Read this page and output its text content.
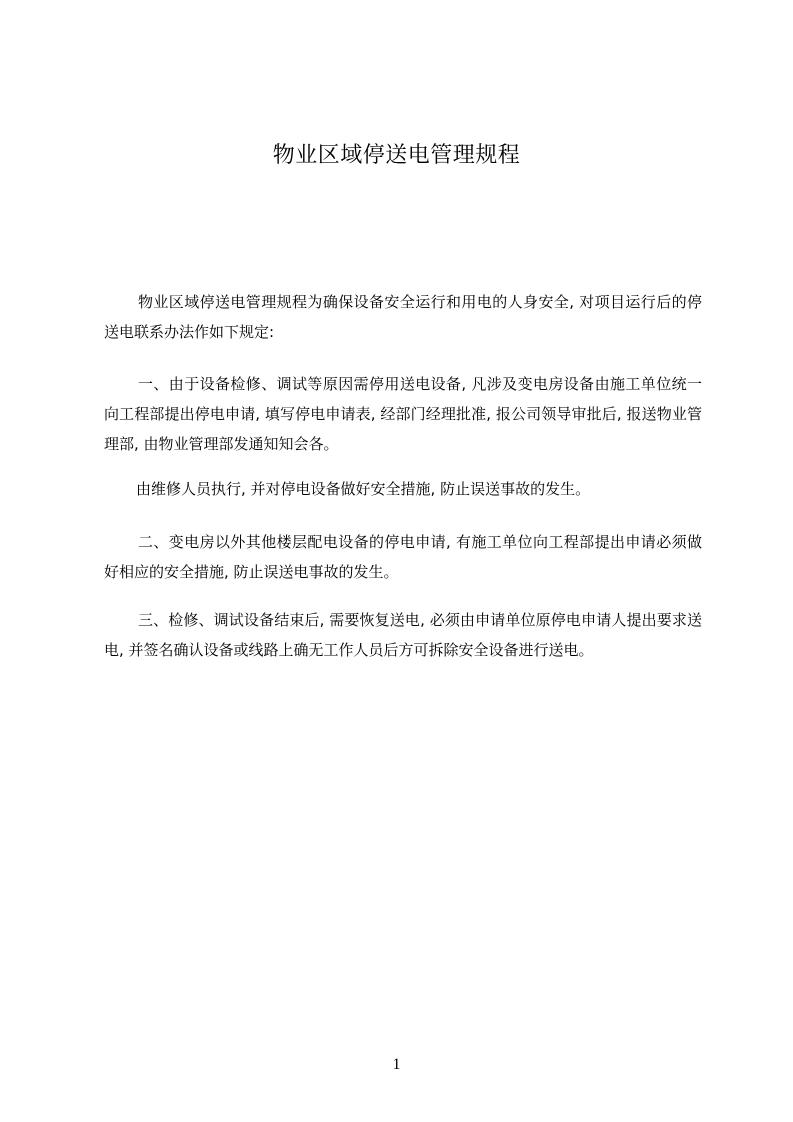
物业区域停送电管理规程

物业区域停送电管理规程为确保设备安全运行和用电的人身安全, 对项目运行后的停送电联系办法作如下规定:

一、由于设备检修、调试等原因需停用送电设备, 凡涉及变电房设备由施工单位统一向工程部提出停电申请, 填写停电申请表, 经部门经理批准, 报公司领导审批后, 报送物业管理部, 由物业管理部发通知知会各。

由维修人员执行, 并对停电设备做好安全措施, 防止误送事故的发生。

二、变电房以外其他楼层配电设备的停电申请, 有施工单位向工程部提出申请必须做好相应的安全措施, 防止误送电事故的发生。

三、检修、调试设备结束后, 需要恢复送电, 必须由申请单位原停电申请人提出要求送电, 并签名确认设备或线路上确无工作人员后方可拆除安全设备进行送电。

1
